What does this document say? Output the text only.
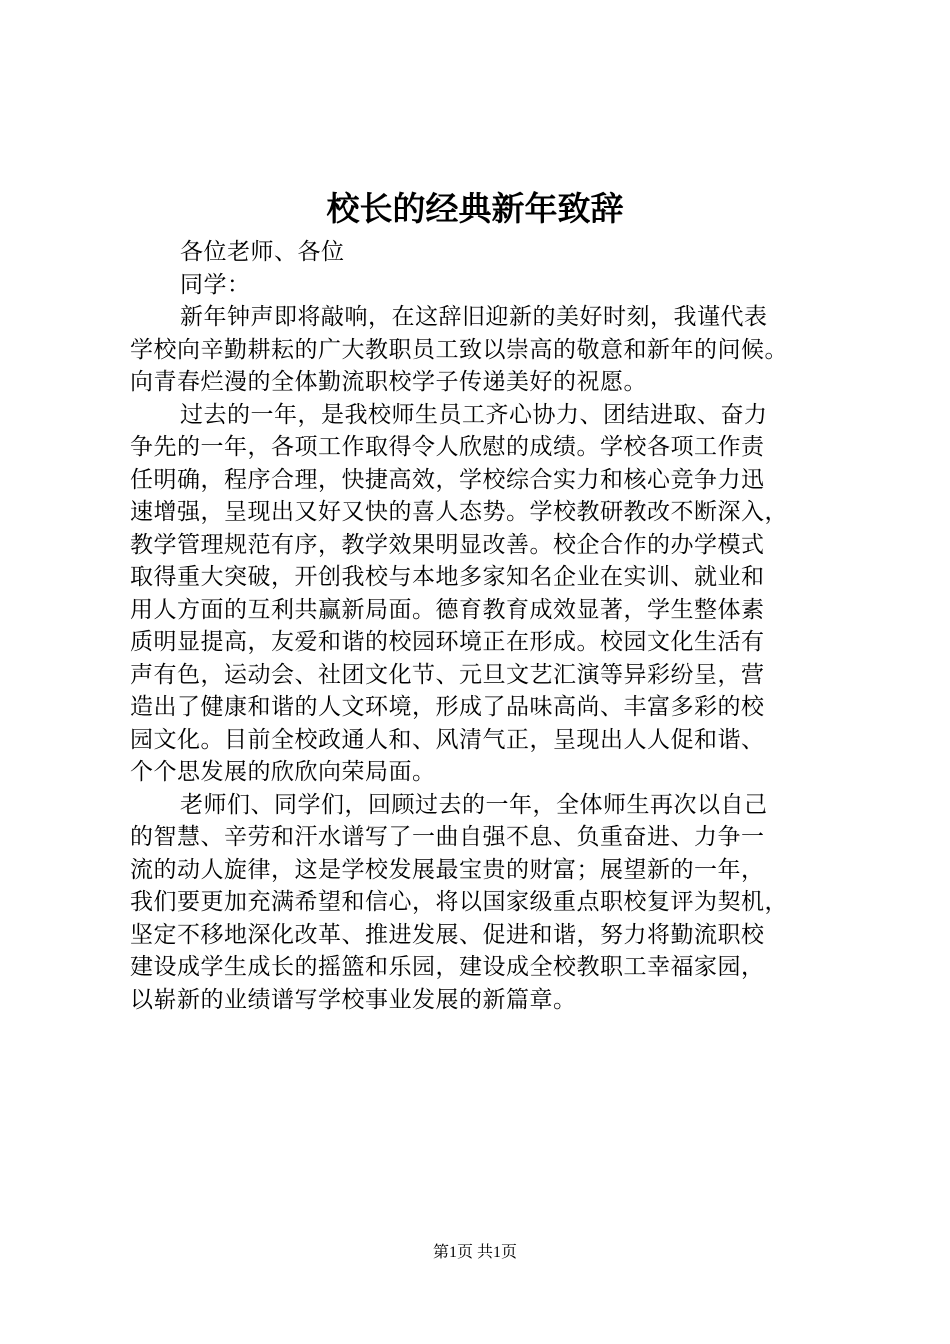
校长的经典新年致辞
各位老师、各位
同学：
新年钟声即将敲响，在这辞旧迎新的美好时刻，我谨代表
学校向辛勤耕耘的广大教职员工致以崇高的敬意和新年的问候。
向青春烂漫的全体勤流职校学子传递美好的祝愿。
过去的一年，是我校师生员工齐心协力、团结进取、奋力
争先的一年，各项工作取得令人欣慰的成绩。学校各项工作责
任明确，程序合理，快捷高效，学校综合实力和核心竞争力迅
速增强，呈现出又好又快的喜人态势。学校教研教改不断深入，
教学管理规范有序，教学效果明显改善。校企合作的办学模式
取得重大突破，开创我校与本地多家知名企业在实训、就业和
用人方面的互利共赢新局面。德育教育成效显著，学生整体素
质明显提高，友爱和谐的校园环境正在形成。校园文化生活有
声有色，运动会、社团文化节、元旦文艺汇演等异彩纷呈，营
造出了健康和谐的人文环境，形成了品味高尚、丰富多彩的校
园文化。目前全校政通人和、风清气正，呈现出人人促和谐、
个个思发展的欣欣向荣局面。
老师们、同学们，回顾过去的一年，全体师生再次以自己
的智慧、辛劳和汗水谱写了一曲自强不息、负重奋进、力争一
流的动人旋律，这是学校发展最宝贵的财富；展望新的一年，
我们要更加充满希望和信心，将以国家级重点职校复评为契机，
坚定不移地深化改革、推进发展、促进和谐，努力将勤流职校
建设成学生成长的摇篮和乐园，建设成全校教职工幸福家园，
以崭新的业绩谱写学校事业发展的新篇章。
第1页 共1页
